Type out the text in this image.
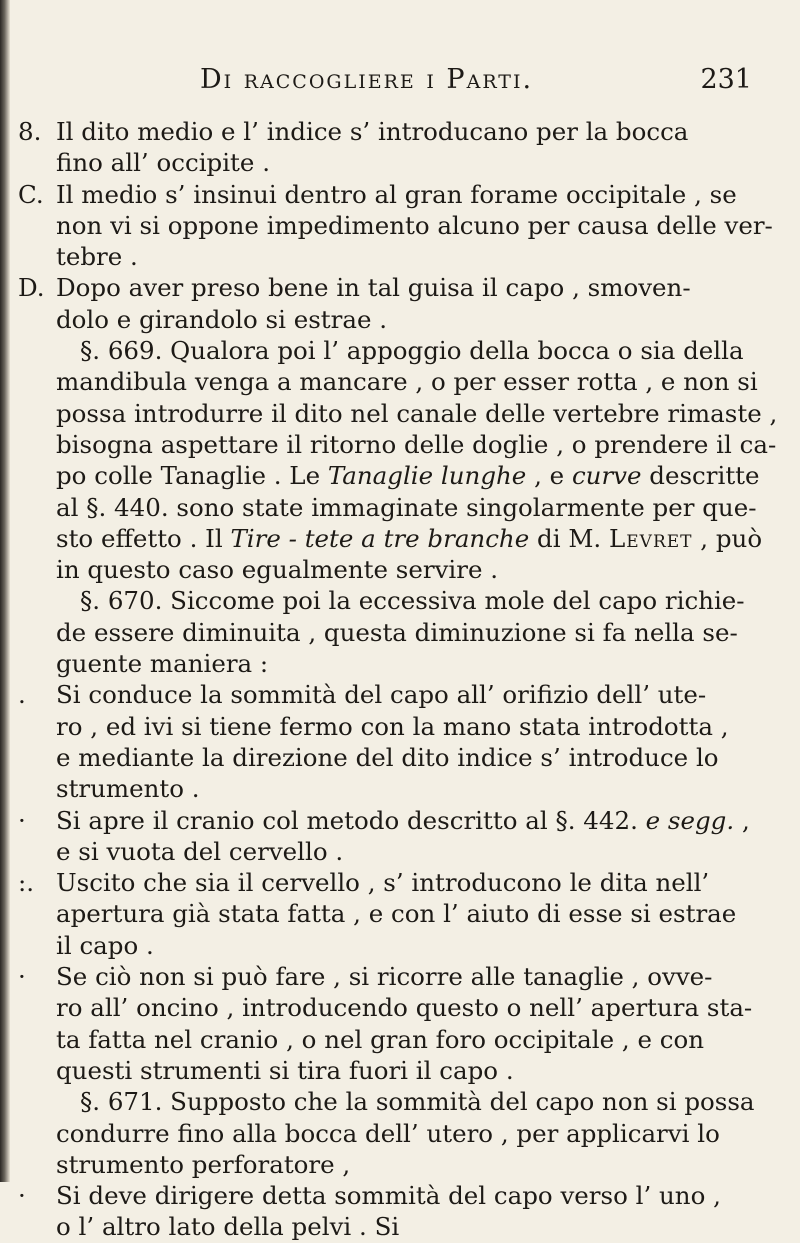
Di raccogliere i Parti.	231
8. Il dito medio e l’ indice s’ introducano per la bocca
fino all’ occipite .
C. Il medio s’ insinui dentro al gran forame occipitale , se
non vi si oppone impedimento alcuno per causa delle ver-
tebre .
D. Dopo aver preso bene in tal guisa il capo , smoven-
dolo e girandolo si estrae .
§. 669. Qualora poi l’ appoggio della bocca o sia della
mandibula venga a mancare , o per esser rotta , e non si
possa introdurre il dito nel canale delle vertebre rimaste ,
bisogna aspettare il ritorno delle doglie , o prendere il ca-
po colle Tanaglie . Le Tanaglie lunghe , e curve descritte
al §. 440. sono state immaginate singolarmente per que-
sto effetto . Il Tire - tete a tre branche di M. Levret , può
in questo caso egualmente servire .
§. 670. Siccome poi la eccessiva mole del capo richie-
de essere diminuita , questa diminuzione si fa nella se-
guente maniera :
.	Si conduce la sommità del capo all’ orifizio dell’ ute-
ro , ed ivi si tiene fermo con la mano stata introdotta ,
e mediante la direzione del dito indice s’ introduce lo
strumento .
·	Si apre il cranio col metodo descritto al §. 442. e segg. ,
e si vuota del cervello .
:. Uscito che sia il cervello , s’ introducono le dita nell’
apertura già stata fatta , e con l’ aiuto di esse si estrae
il capo .
·	Se ciò non si può fare , si ricorre alle tanaglie , ovve-
ro all’ oncino , introducendo questo o nell’ apertura sta-
ta fatta nel cranio , o nel gran foro occipitale , e con
questi strumenti si tira fuori il capo .
§. 671. Supposto che la sommità del capo non si possa
condurre fino alla bocca dell’ utero , per applicarvi lo
strumento perforatore ,
·	Si deve dirigere detta sommità del capo verso l’ uno ,
o l’ altro lato della pelvi . Si
